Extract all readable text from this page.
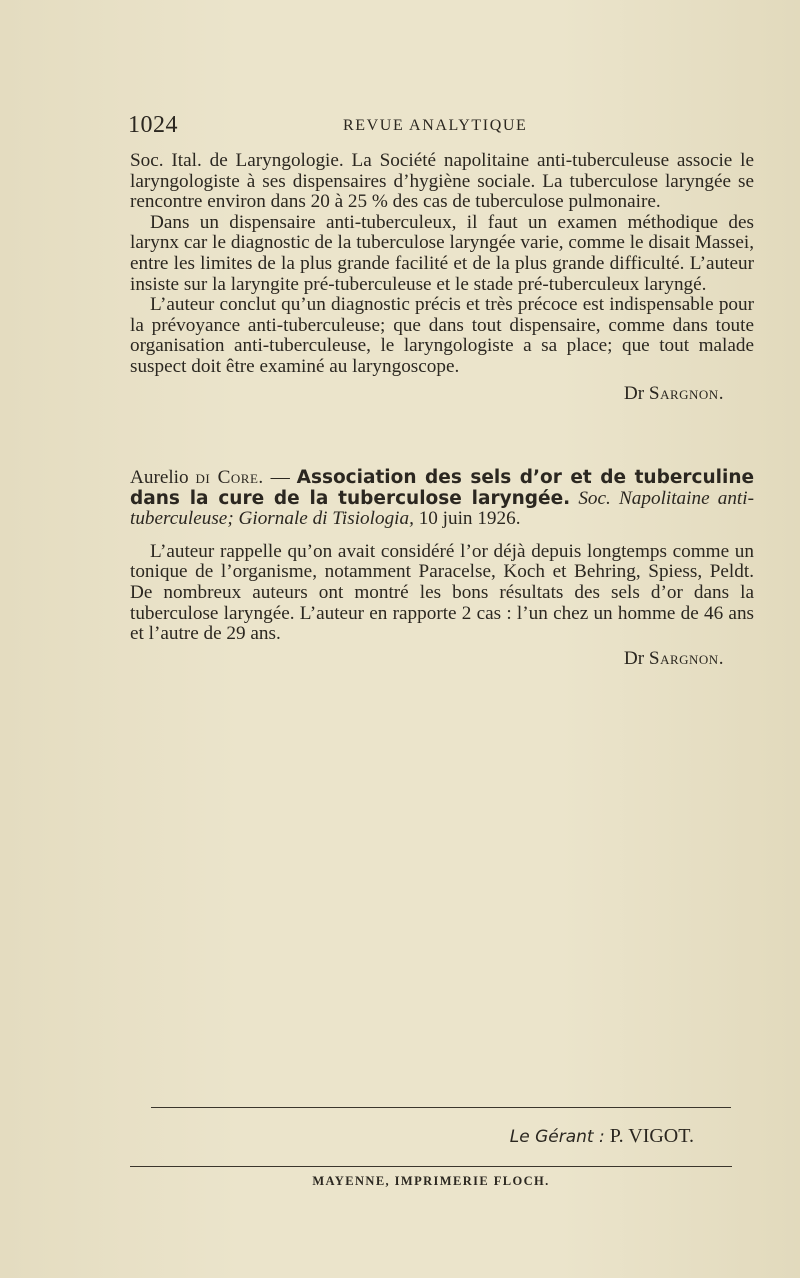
1024	REVUE ANALYTIQUE

Soc. Ital. de Laryngologie. La Société napolitaine anti-tuberculeuse associe le laryngologiste à ses dispensaires d’hygiène sociale. La tuberculose laryngée se rencontre environ dans 20 à 25 % des cas de tuberculose pulmonaire.

Dans un dispensaire anti-tuberculeux, il faut un examen méthodique des larynx car le diagnostic de la tuberculose laryngée varie, comme le disait Massei, entre les limites de la plus grande facilité et de la plus grande difficulté. L’auteur insiste sur la laryngite pré-tuberculeuse et le stade pré-tuberculeux laryngé.

L’auteur conclut qu’un diagnostic précis et très précoce est indispensable pour la prévoyance anti-tuberculeuse; que dans tout dispensaire, comme dans toute organisation anti-tuberculeuse, le laryngologiste a sa place; que tout malade suspect doit être examiné au laryngoscope.

Dr Sargnon.

Aurelio di Core. — Association des sels d’or et de tuberculine dans la cure de la tuberculose laryngée. Soc. Napolitaine anti-tuberculeuse; Giornale di Tisiologia, 10 juin 1926.

L’auteur rappelle qu’on avait considéré l’or déjà depuis longtemps comme un tonique de l’organisme, notamment Paracelse, Koch et Behring, Spiess, Peldt. De nombreux auteurs ont montré les bons résultats des sels d’or dans la tuberculose laryngée. L’auteur en rapporte 2 cas : l’un chez un homme de 46 ans et l’autre de 29 ans.

Dr Sargnon.

Le Gérant : P. VIGOT.
MAYENNE, IMPRIMERIE FLOCH.
